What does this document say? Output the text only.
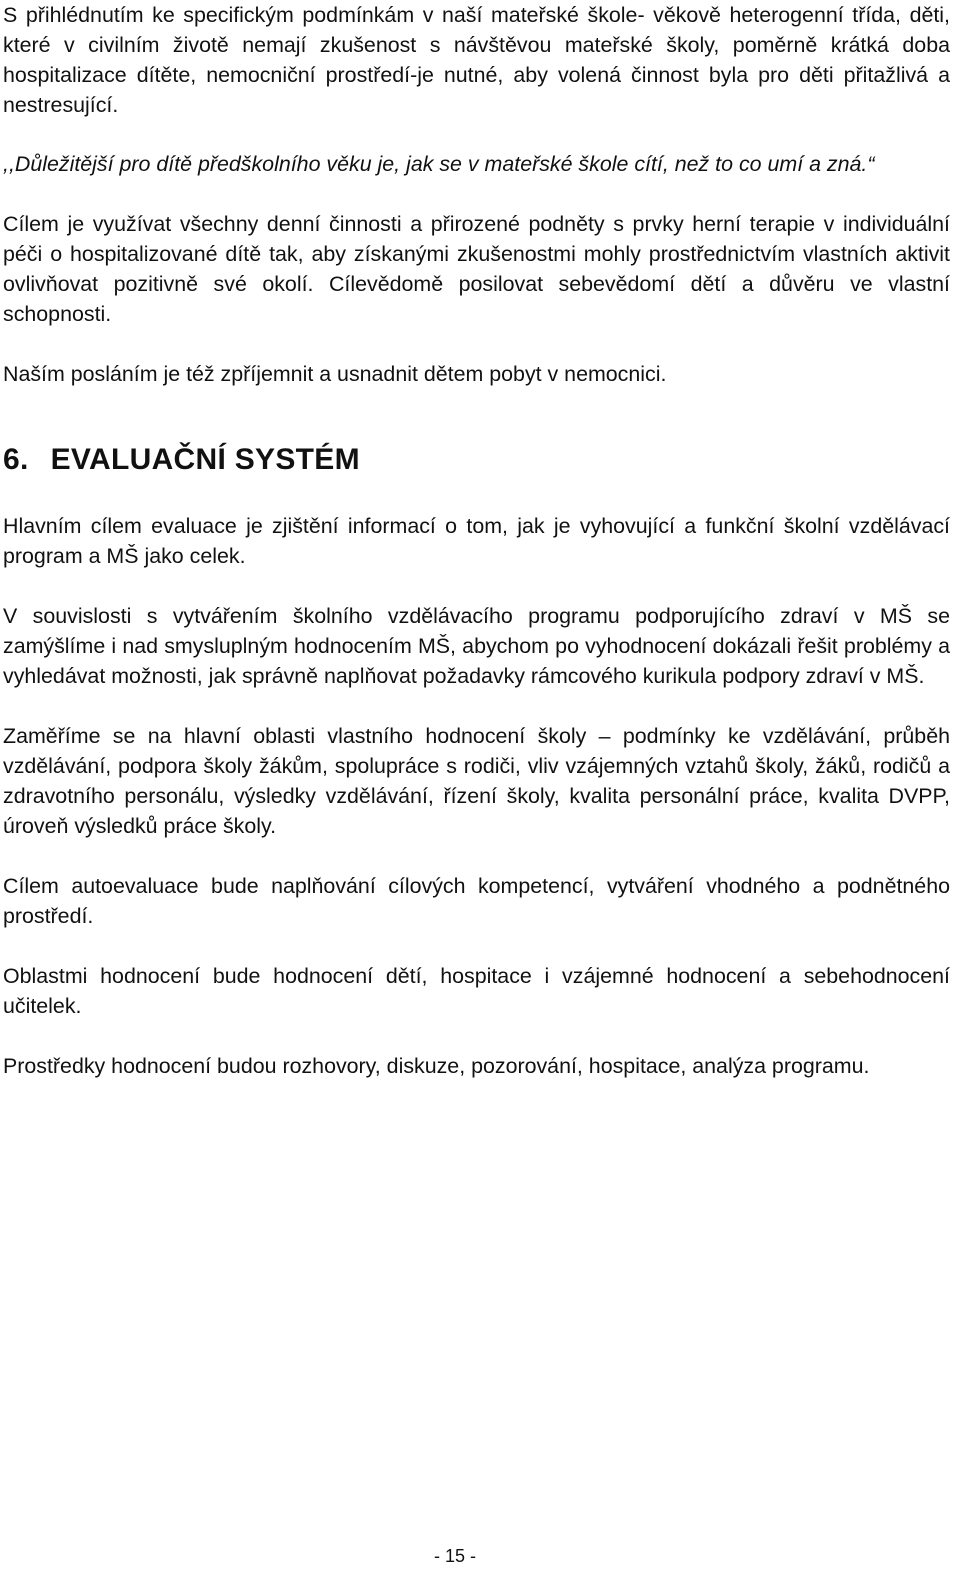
S přihlédnutím ke specifickým podmínkám v naší mateřské škole- věkově heterogenní třída, děti, které v civilním životě nemají zkušenost s návštěvou mateřské školy, poměrně krátká doba hospitalizace dítěte, nemocniční prostředí-je nutné, aby volená činnost byla pro děti přitažlivá a nestresující.

,,Důležitější pro dítě předškolního věku je, jak se v mateřské škole cítí, než to co umí a zná.“

Cílem je využívat všechny denní činnosti a přirozené podněty s prvky herní terapie v individuální péči o hospitalizované dítě tak, aby získanými zkušenostmi mohly prostřednictvím vlastních aktivit ovlivňovat pozitivně své okolí. Cílevědomě posilovat sebevědomí dětí a důvěru ve vlastní schopnosti.

Naším posláním je též zpříjemnit a usnadnit dětem pobyt v nemocnici.

6. EVALUAČNÍ SYSTÉM

Hlavním cílem evaluace je zjištění informací o tom, jak je vyhovující a funkční školní vzdělávací program a MŠ jako celek.

V souvislosti s vytvářením školního vzdělávacího programu podporujícího zdraví v MŠ se zamýšlíme i nad smysluplným hodnocením MŠ, abychom po vyhodnocení dokázali řešit problémy a vyhledávat možnosti, jak správně naplňovat požadavky rámcového kurikula podpory zdraví v MŠ.

Zaměříme se na hlavní oblasti vlastního hodnocení školy – podmínky ke vzdělávání, průběh vzdělávání, podpora školy žákům, spolupráce s rodiči, vliv vzájemných vztahů školy, žáků, rodičů a zdravotního personálu, výsledky vzdělávání, řízení školy, kvalita personální práce, kvalita DVPP, úroveň výsledků práce školy.

Cílem autoevaluace bude naplňování cílových kompetencí, vytváření vhodného a podnětného prostředí.

Oblastmi hodnocení bude hodnocení dětí, hospitace i vzájemné hodnocení a sebehodnocení učitelek.

Prostředky hodnocení budou rozhovory, diskuze, pozorování, hospitace, analýza programu.

- 15 -
